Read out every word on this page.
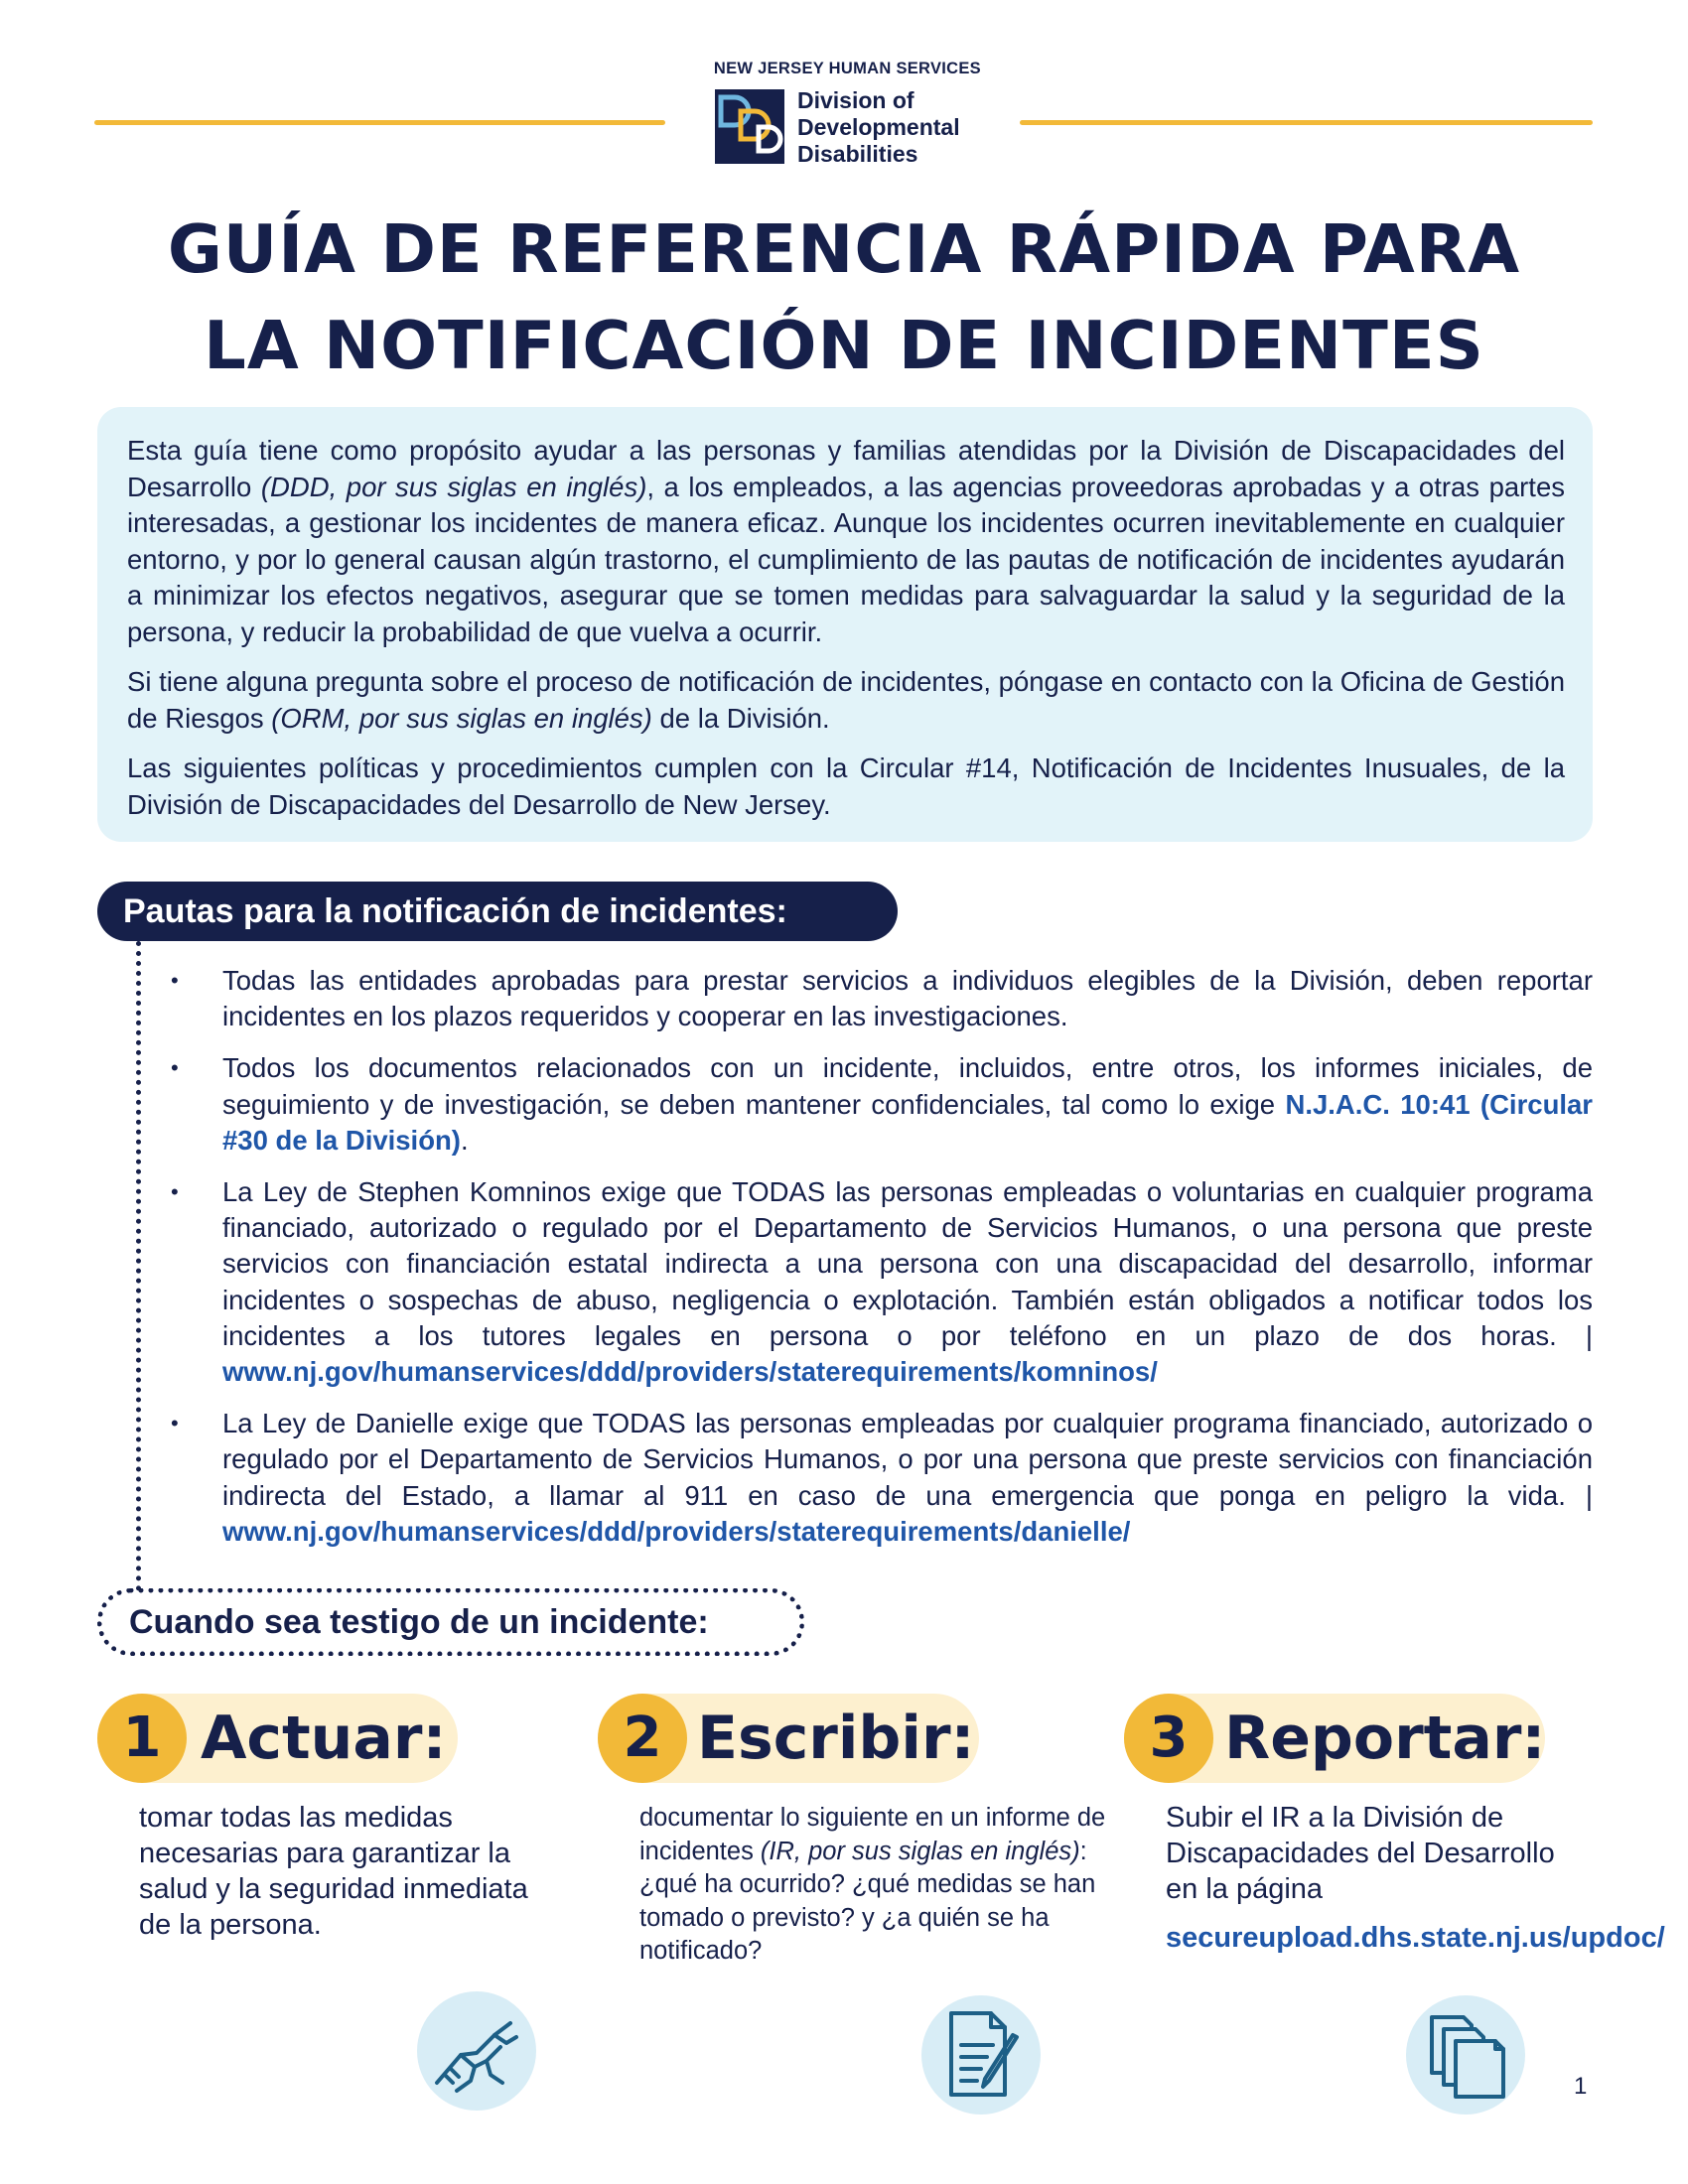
NEW JERSEY HUMAN SERVICES
Division of
Developmental
Disabilities
GUÍA DE REFERENCIA RÁPIDA PARA
LA NOTIFICACIÓN DE INCIDENTES

Esta guía tiene como propósito ayudar a las personas y familias atendidas por la División de Discapacidades del Desarrollo (DDD, por sus siglas en inglés), a los empleados, a las agencias proveedoras aprobadas y a otras partes interesadas, a gestionar los incidentes de manera eficaz. Aunque los incidentes ocurren inevitablemente en cualquier entorno, y por lo general causan algún trastorno, el cumplimiento de las pautas de notificación de incidentes ayudarán a minimizar los efectos negativos, asegurar que se tomen medidas para salvaguardar la salud y la seguridad de la persona, y reducir la probabilidad de que vuelva a ocurrir.

Si tiene alguna pregunta sobre el proceso de notificación de incidentes, póngase en contacto con la Oficina de Gestión de Riesgos (ORM, por sus siglas en inglés) de la División.

Las siguientes políticas y procedimientos cumplen con la Circular #14, Notificación de Incidentes Inusuales, de la División de Discapacidades del Desarrollo de New Jersey.

Pautas para la notificación de incidentes:
• Todas las entidades aprobadas para prestar servicios a individuos elegibles de la División, deben reportar incidentes en los plazos requeridos y cooperar en las investigaciones.
• Todos los documentos relacionados con un incidente, incluidos, entre otros, los informes iniciales, de seguimiento y de investigación, se deben mantener confidenciales, tal como lo exige N.J.A.C. 10:41 (Circular #30 de la División).
• La Ley de Stephen Komninos exige que TODAS las personas empleadas o voluntarias en cualquier programa financiado, autorizado o regulado por el Departamento de Servicios Humanos, o una persona que preste servicios con financiación estatal indirecta a una persona con una discapacidad del desarrollo, informar incidentes o sospechas de abuso, negligencia o explotación. También están obligados a notificar todos los incidentes a los tutores legales en persona o por teléfono en un plazo de dos horas. | www.nj.gov/humanservices/ddd/providers/staterequirements/komninos/
• La Ley de Danielle exige que TODAS las personas empleadas por cualquier programa financiado, autorizado o regulado por el Departamento de Servicios Humanos, o por una persona que preste servicios con financiación indirecta del Estado, a llamar al 911 en caso de una emergencia que ponga en peligro la vida. | www.nj.gov/humanservices/ddd/providers/staterequirements/danielle/
Cuando sea testigo de un incidente:
1 Actuar:
tomar todas las medidas necesarias para garantizar la salud y la seguridad inmediata de la persona.
2 Escribir:
documentar lo siguiente en un informe de incidentes (IR, por sus siglas en inglés): ¿qué ha ocurrido? ¿qué medidas se han tomado o previsto? y ¿a quién se ha notificado?
3 Reportar:
Subir el IR a la División de Discapacidades del Desarrollo en la página
secureupload.dhs.state.nj.us/updoc/
1
